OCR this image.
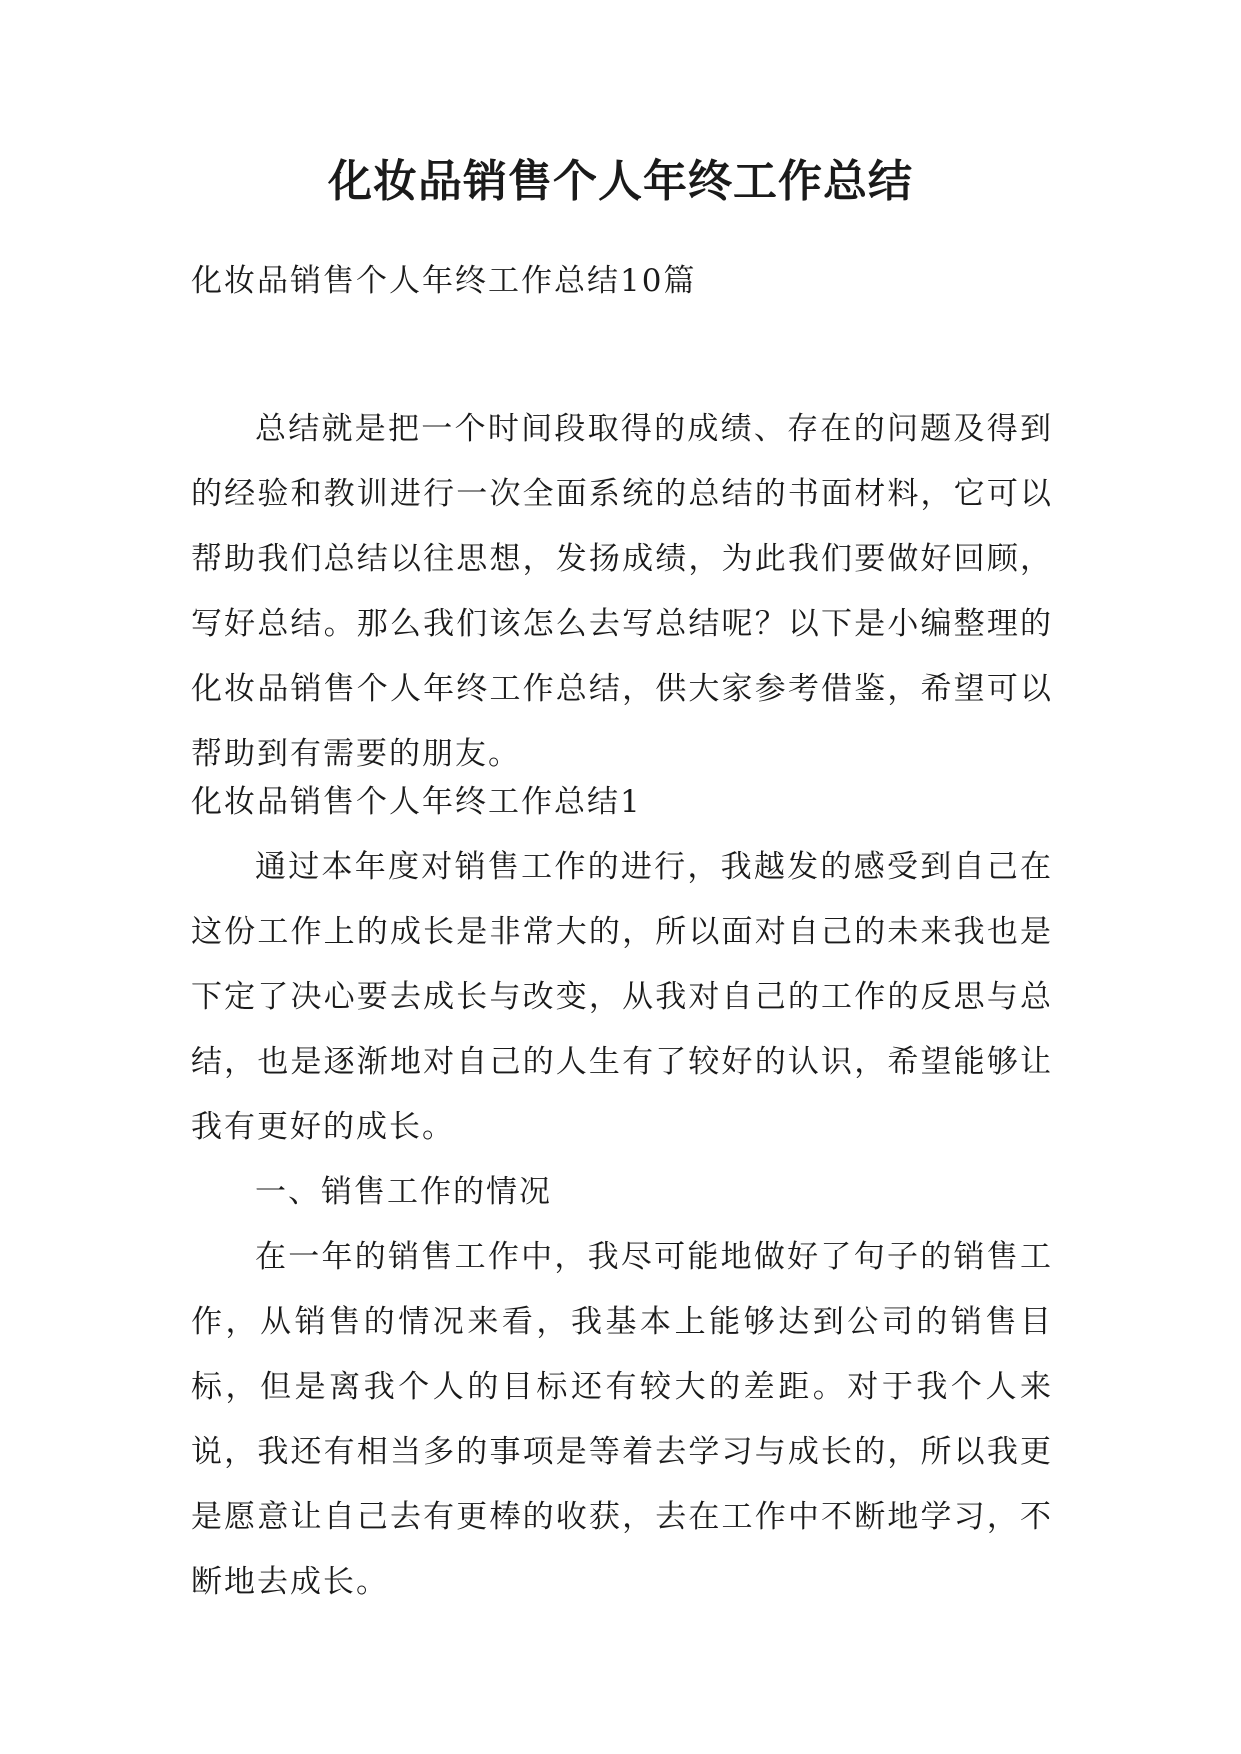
化妆品销售个人年终工作总结

化妆品销售个人年终工作总结10篇

总结就是把一个时间段取得的成绩、存在的问题及得到的经验和教训进行一次全面系统的总结的书面材料，它可以帮助我们总结以往思想，发扬成绩，为此我们要做好回顾，写好总结。那么我们该怎么去写总结呢？以下是小编整理的化妆品销售个人年终工作总结，供大家参考借鉴，希望可以帮助到有需要的朋友。

化妆品销售个人年终工作总结1

通过本年度对销售工作的进行，我越发的感受到自己在这份工作上的成长是非常大的，所以面对自己的未来我也是下定了决心要去成长与改变，从我对自己的工作的反思与总结，也是逐渐地对自己的人生有了较好的认识，希望能够让我有更好的成长。

一、销售工作的情况

在一年的销售工作中，我尽可能地做好了句子的销售工作，从销售的情况来看，我基本上能够达到公司的销售目标，但是离我个人的目标还有较大的差距。对于我个人来说，我还有相当多的事项是等着去学习与成长的，所以我更是愿意让自己去有更棒的收获，去在工作中不断地学习，不断地去成长。
